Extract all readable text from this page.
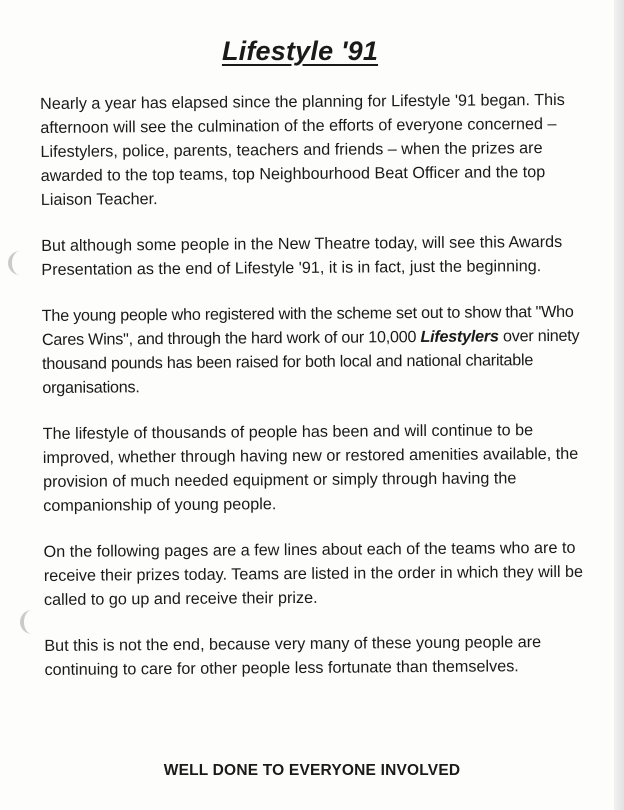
Lifestyle '91

Nearly a year has elapsed since the planning for Lifestyle '91 began. This afternoon will see the culmination of the efforts of everyone concerned – Lifestylers, police, parents, teachers and friends – when the prizes are awarded to the top teams, top Neighbourhood Beat Officer and the top Liaison Teacher.

But although some people in the New Theatre today, will see this Awards Presentation as the end of Lifestyle '91, it is in fact, just the beginning.

The young people who registered with the scheme set out to show that "Who Cares Wins", and through the hard work of our 10,000 Lifestylers over ninety thousand pounds has been raised for both local and national charitable organisations.

The lifestyle of thousands of people has been and will continue to be improved, whether through having new or restored amenities available, the provision of much needed equipment or simply through having the companionship of young people.

On the following pages are a few lines about each of the teams who are to receive their prizes today. Teams are listed in the order in which they will be called to go up and receive their prize.

But this is not the end, because very many of these young people are continuing to care for other people less fortunate than themselves.

WELL DONE TO EVERYONE INVOLVED
